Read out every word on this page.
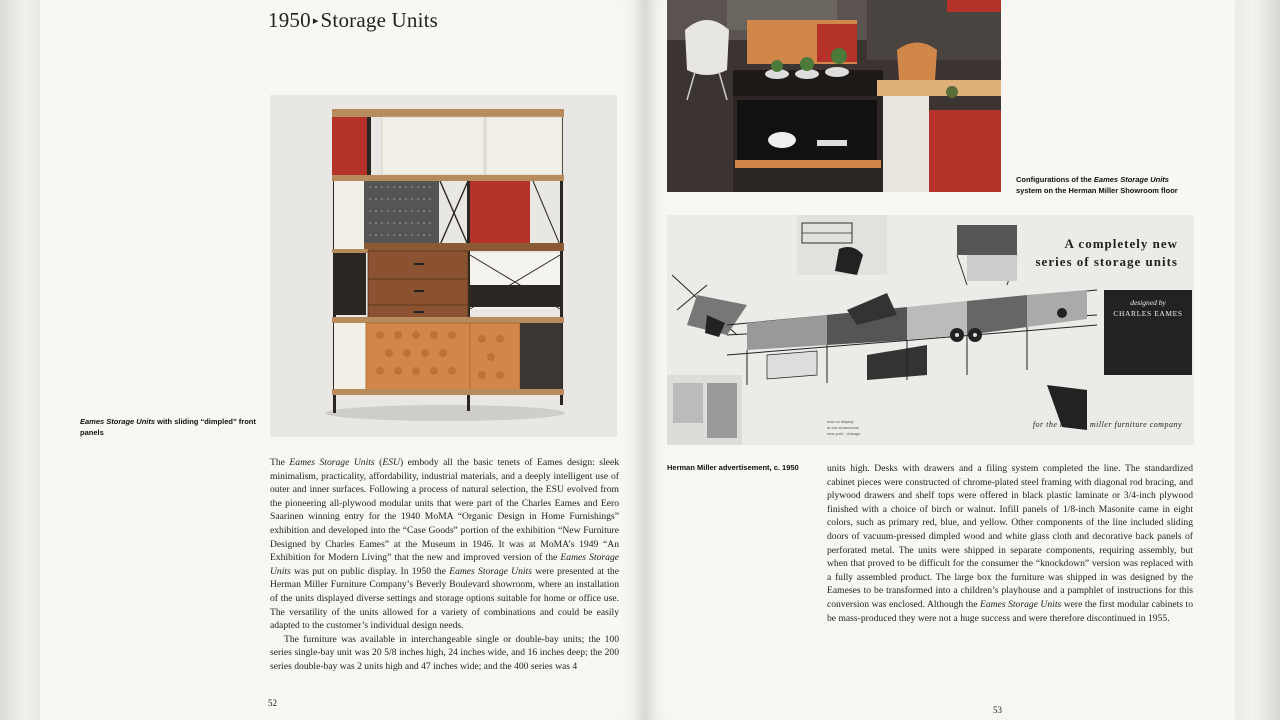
1950 ▸Storage Units
Eames Storage Units with sliding “dimpled” front panels

The Eames Storage Units (ESU) embody all the basic tenets of Eames design: sleek minimalism, practicality, affordability, industrial materials, and a deeply intelligent use of outer and inner surfaces. Following a process of natural selection, the ESU evolved from the pioneering all-plywood modular units that were part of the Charles Eames and Eero Saarinen winning entry for the 1940 MoMA “Organic Design in Home Furnishings” exhibition and developed into the “Case Goods” portion of the exhibition “New Furniture Designed by Charles Eames” at the Museum in 1946. It was at MoMA’s 1949 “An Exhibition for Modern Living” that the new and improved version of the Eames Storage Units was put on public display. In 1950 the Eames Storage Units were presented at the Herman Miller Furniture Company’s Beverly Boulevard showroom, where an installation of the units displayed diverse settings and storage options suitable for home or office use. The versatility of the units allowed for a variety of combinations and could be easily adapted to the customer’s individual design needs.

The furniture was available in interchangeable single or double-bay units; the 100 series single-bay unit was 20 5/8 inches high, 24 inches wide, and 16 inches deep; the 200 series double-bay was 2 units high and 47 inches wide; and the 400 series was 4

52
Configurations of the Eames Storage Units
system on the Herman Miller Showroom floor
now on display
at our showrooms
new york · chicago
A completely new
series of storage units
designed by
CHARLES EAMES
for the herman miller furniture company
Herman Miller advertisement, c. 1950	units high. Desks with drawers and a filing system completed the line. The standardized cabinet pieces were constructed of chrome-plated steel framing with diagonal rod bracing, and plywood drawers and shelf tops were offered in black plastic laminate or 3/4-inch plywood finished with a choice of birch or walnut. Infill panels of 1/8-inch Masonite came in eight colors, such as primary red, blue, and yellow. Other components of the line included sliding doors of vacuum-pressed dimpled wood and white glass cloth and decorative back panels of perforated metal. The units were shipped in separate components, requiring assembly, but when that proved to be difficult for the consumer the “knockdown” version was replaced with a fully assembled product. The large box the furniture was shipped in was designed by the Eameses to be transformed into a children’s playhouse and a pamphlet of instructions for this conversion was enclosed. Although the Eames Storage Units were the first modular cabinets to be mass-produced they were not a huge success and were therefore discontinued in 1955.

53
